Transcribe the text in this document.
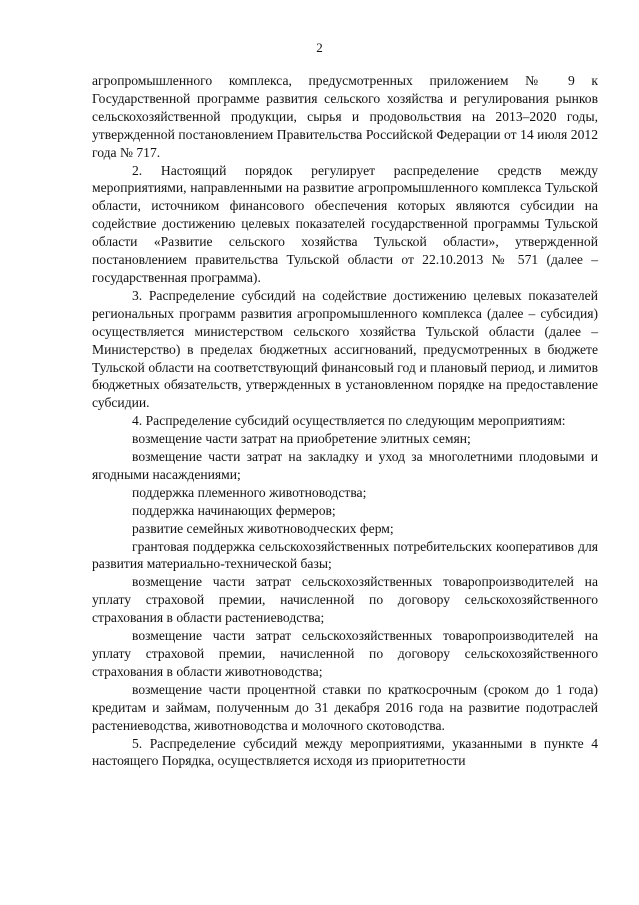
2

агропромышленного комплекса, предусмотренных приложением № 9 к Государственной программе развития сельского хозяйства и регулирования рынков сельскохозяйственной продукции, сырья и продовольствия на 2013–2020 годы, утвержденной постановлением Правительства Российской Федерации от 14 июля 2012 года № 717.

2. Настоящий порядок регулирует распределение средств между мероприятиями, направленными на развитие агропромышленного комплекса Тульской области, источником финансового обеспечения которых являются субсидии на содействие достижению целевых показателей государственной программы Тульской области «Развитие сельского хозяйства Тульской области», утвержденной постановлением правительства Тульской области от 22.10.2013 № 571 (далее – государственная программа).

3. Распределение субсидий на содействие достижению целевых показателей региональных программ развития агропромышленного комплекса (далее – субсидия) осуществляется министерством сельского хозяйства Тульской области (далее – Министерство) в пределах бюджетных ассигнований, предусмотренных в бюджете Тульской области на соответствующий финансовый год и плановый период, и лимитов бюджетных обязательств, утвержденных в установленном порядке на предоставление субсидии.

4. Распределение субсидий осуществляется по следующим мероприятиям:

возмещение части затрат на приобретение элитных семян;

возмещение части затрат на закладку и уход за многолетними плодовыми и ягодными насаждениями;

поддержка племенного животноводства;

поддержка начинающих фермеров;

развитие семейных животноводческих ферм;

грантовая поддержка сельскохозяйственных потребительских кооперативов для развития материально-технической базы;

возмещение части затрат сельскохозяйственных товаропроизводителей на уплату страховой премии, начисленной по договору сельскохозяйственного страхования в области растениеводства;

возмещение части затрат сельскохозяйственных товаропроизводителей на уплату страховой премии, начисленной по договору сельскохозяйственного страхования в области животноводства;

возмещение части процентной ставки по краткосрочным (сроком до 1 года) кредитам и займам, полученным до 31 декабря 2016 года на развитие подотраслей растениеводства, животноводства и молочного скотоводства.

5. Распределение субсидий между мероприятиями, указанными в пункте 4 настоящего Порядка, осуществляется исходя из приоритетности
